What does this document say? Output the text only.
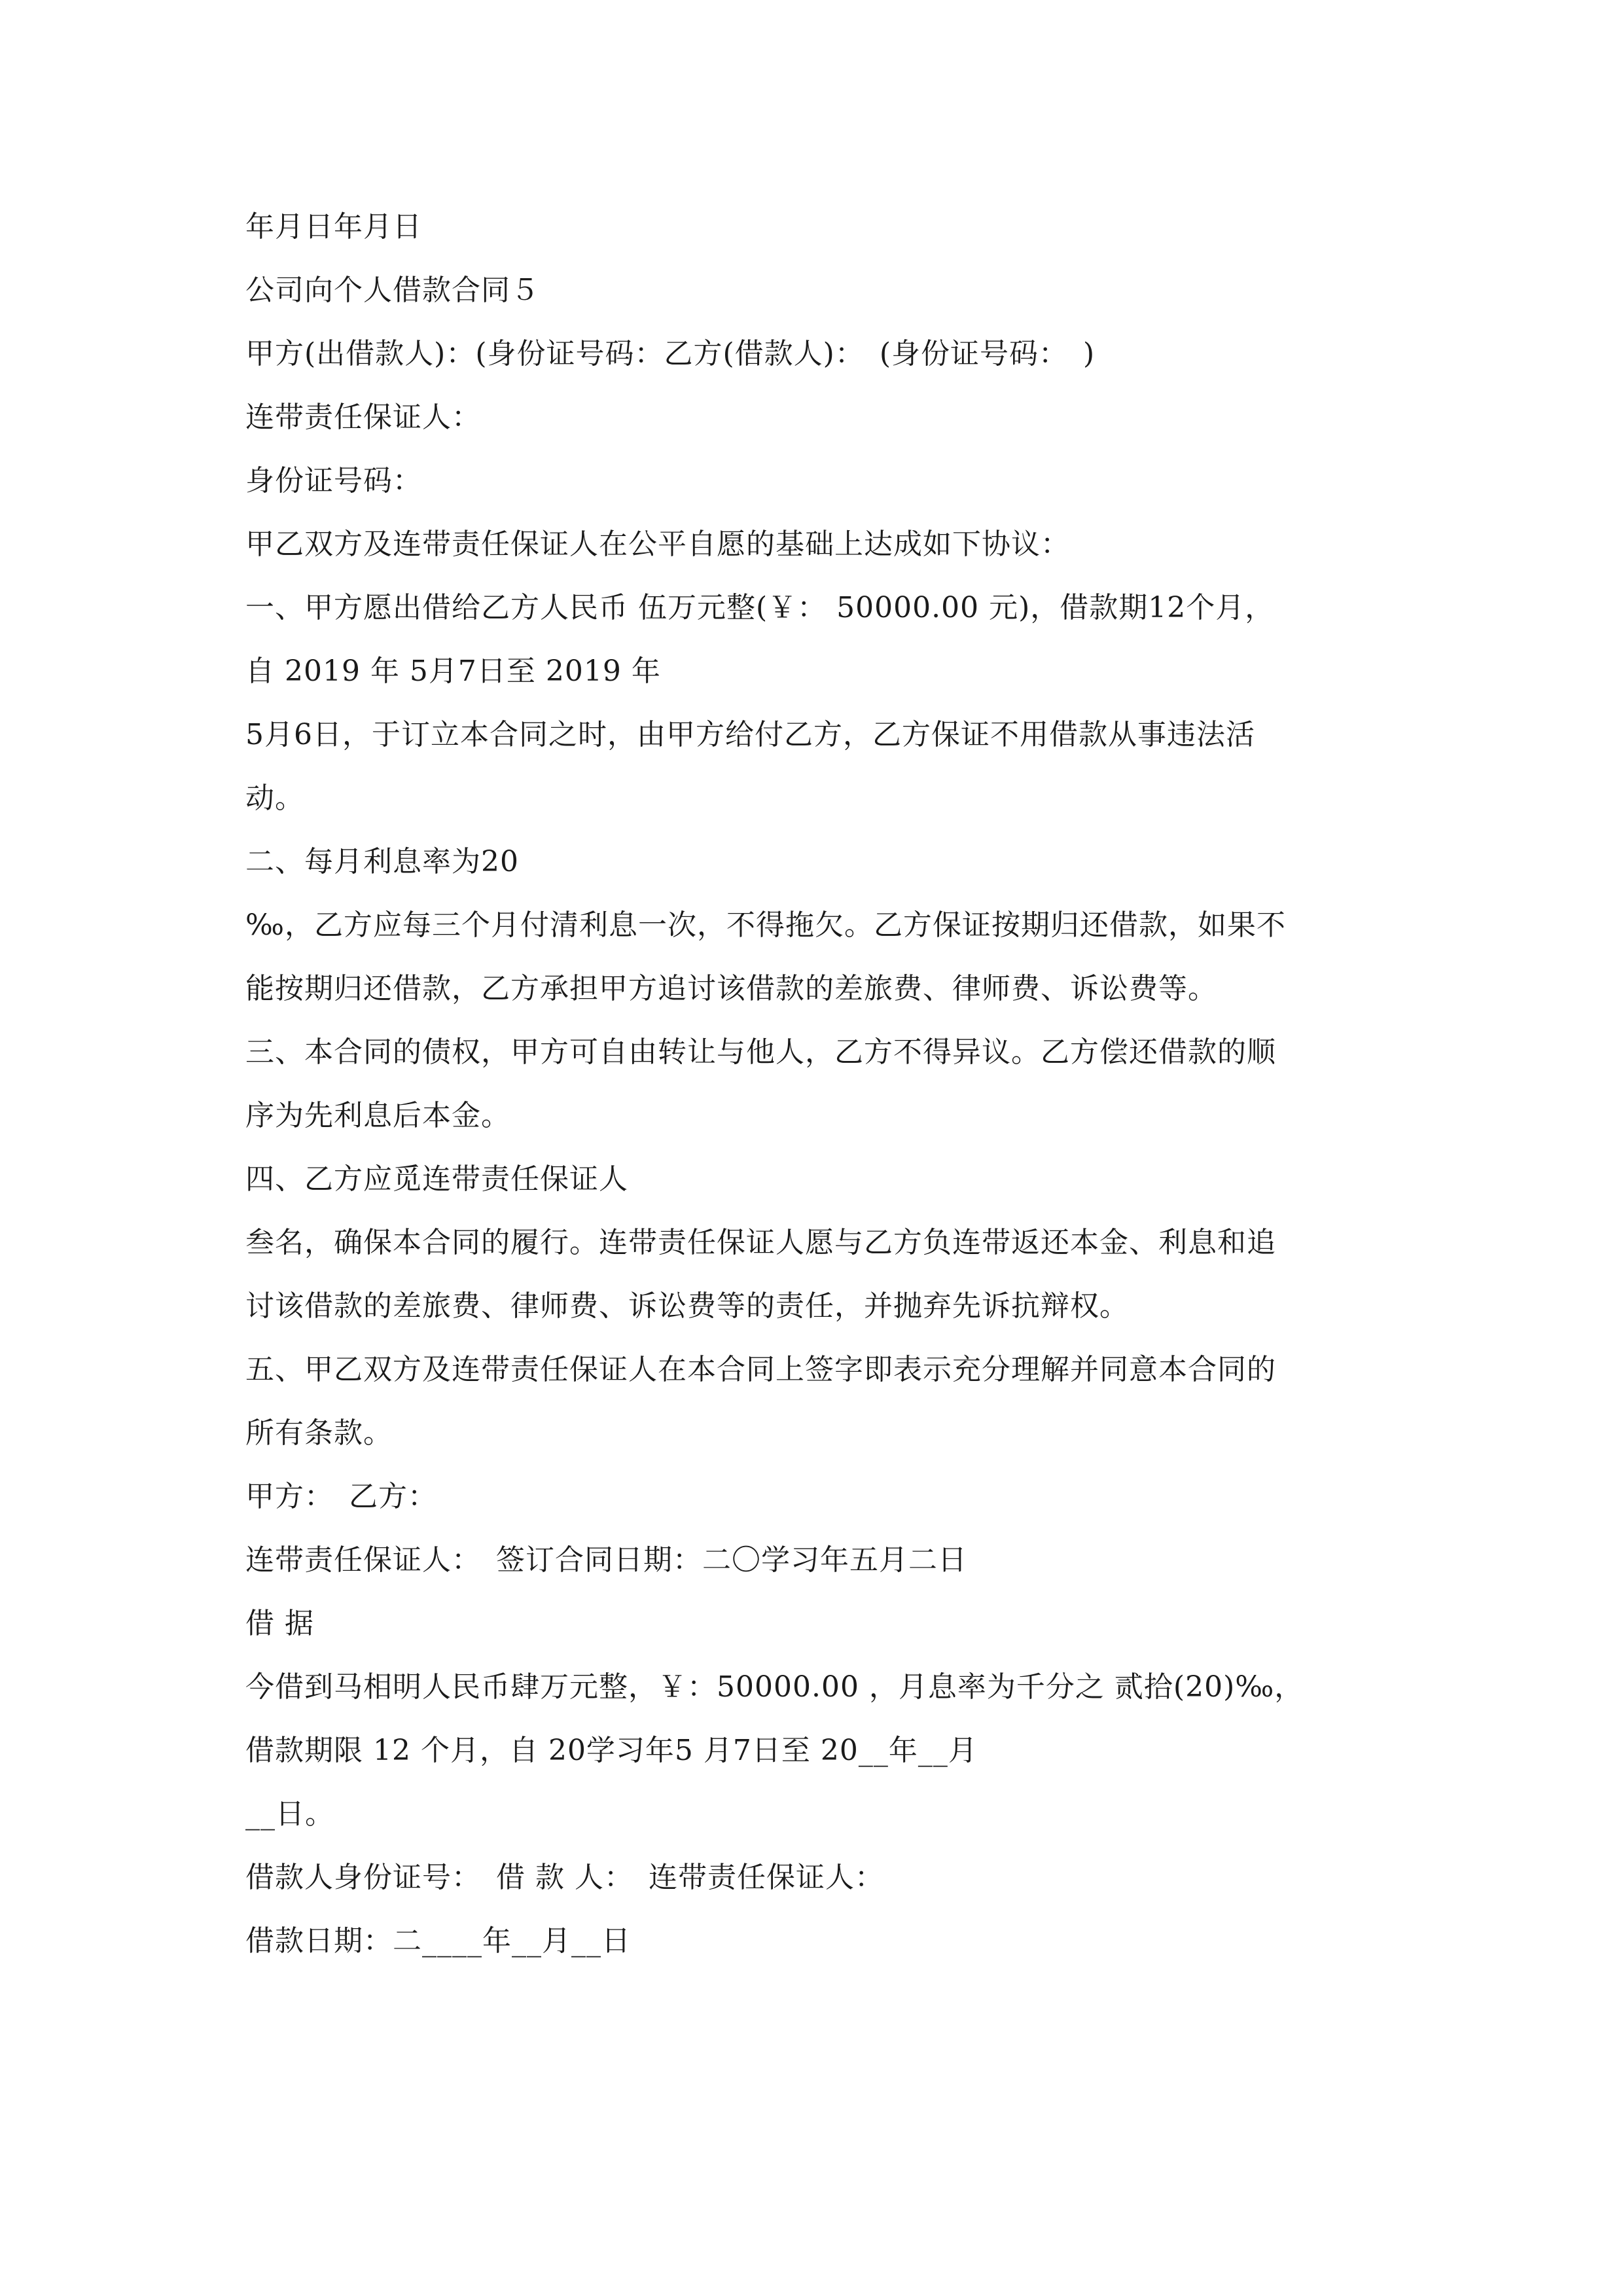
年月日年月日
公司向个人借款合同５
甲方(出借款人)：(身份证号码：乙方(借款人)：　(身份证号码：　)
连带责任保证人：
身份证号码：
甲乙双方及连带责任保证人在公平自愿的基础上达成如下协议：
一、甲方愿出借给乙方人民币 伍万元整(￥： 50000.00 元)，借款期12个月，
自 2019 年 5月7日至 2019 年
5月6日，于订立本合同之时，由甲方给付乙方，乙方保证不用借款从事违法活
动。
二、每月利息率为20
‰，乙方应每三个月付清利息一次，不得拖欠。乙方保证按期归还借款，如果不
能按期归还借款，乙方承担甲方追讨该借款的差旅费、律师费、诉讼费等。
三、本合同的债权，甲方可自由转让与他人，乙方不得异议。乙方偿还借款的顺
序为先利息后本金。
四、乙方应觅连带责任保证人
叁名，确保本合同的履行。连带责任保证人愿与乙方负连带返还本金、利息和追
讨该借款的差旅费、律师费、诉讼费等的责任，并抛弃先诉抗辩权。
五、甲乙双方及连带责任保证人在本合同上签字即表示充分理解并同意本合同的
所有条款。
甲方：　乙方：
连带责任保证人：　签订合同日期：二〇学习年五月二日
借 据
今借到马相明人民币肆万元整，￥：50000.00 ，月息率为千分之 贰拾(20)‰，
借款期限 12 个月，自 20学习年5 月7日至 20__年__月
__日。
借款人身份证号：　借 款 人：　连带责任保证人：
借款日期：二____年__月__日
